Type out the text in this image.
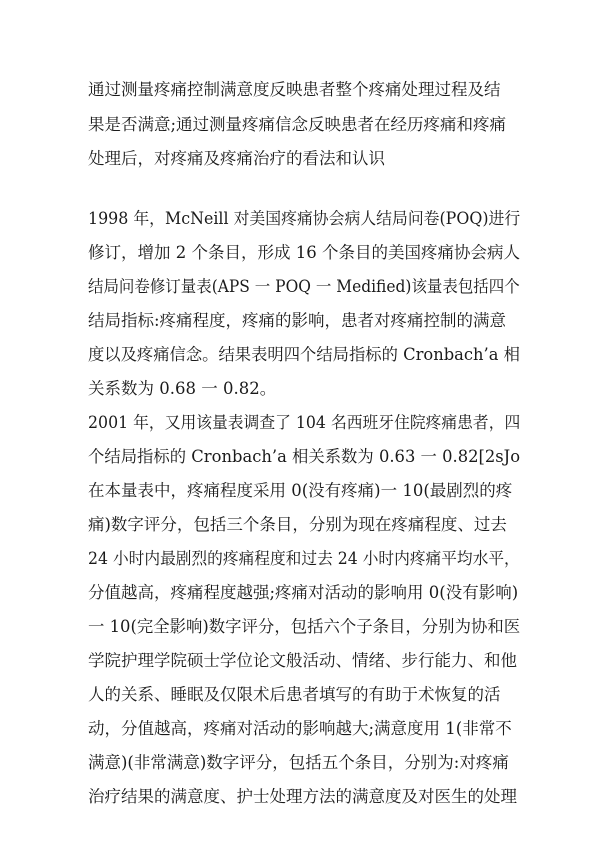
通过测量疼痛控制满意度反映患者整个疼痛处理过程及结
果是否满意;通过测量疼痛信念反映患者在经历疼痛和疼痛
处理后，对疼痛及疼痛治疗的看法和认识
1998 年，McNeill 对美国疼痛协会病人结局问卷(POQ)进行
修订，增加 2 个条目，形成 16 个条目的美国疼痛协会病人
结局问卷修订量表(APS 一 POQ 一 Medified)该量表包括四个
结局指标:疼痛程度，疼痛的影响，患者对疼痛控制的满意
度以及疼痛信念。结果表明四个结局指标的 Cronbach’a 相
关系数为 0.68 一 0.82。
2001 年，又用该量表调查了 104 名西班牙住院疼痛患者，四
个结局指标的 Cronbach’a 相关系数为 0.63 一 0.82[2sJo
在本量表中，疼痛程度采用 0(没有疼痛)一 10(最剧烈的疼
痛)数字评分，包括三个条目，分别为现在疼痛程度、过去
24 小时内最剧烈的疼痛程度和过去 24 小时内疼痛平均水平，
分值越高，疼痛程度越强;疼痛对活动的影响用 0(没有影响)
一 10(完全影响)数字评分，包括六个子条目，分别为协和医
学院护理学院硕士学位论文般活动、情绪、步行能力、和他
人的关系、睡眠及仅限术后患者填写的有助于术恢复的活
动，分值越高，疼痛对活动的影响越大;满意度用 1(非常不
满意)(非常满意)数字评分，包括五个条目，分别为:对疼痛
治疗结果的满意度、护士处理方法的满意度及对医生的处理
